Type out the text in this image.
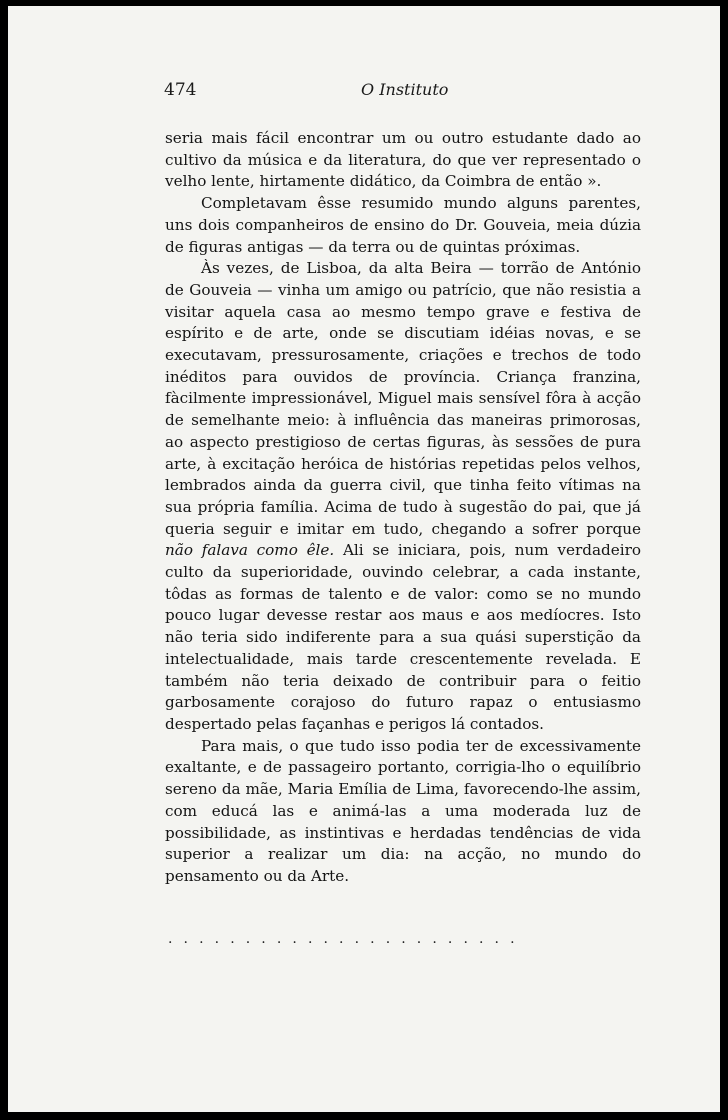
474	O Instituto

seria mais fácil encontrar um ou outro estudante dado ao cultivo da música e da literatura, do que ver representado o velho lente, hirtamente didático, da Coimbra de então ».

Completavam êsse resumido mundo alguns parentes, uns dois companheiros de ensino do Dr. Gouveia, meia dúzia de figuras antigas — da terra ou de quintas próximas.

Às vezes, de Lisboa, da alta Beira — torrão de António de Gouveia — vinha um amigo ou patrício, que não resistia a visitar aquela casa ao mesmo tempo grave e festiva de espírito e de arte, onde se discutiam idéias novas, e se executavam, pressurosamente, criações e trechos de todo inéditos para ouvidos de província. Criança franzina, fàcilmente impressionável, Miguel mais sensível fôra à acção de semelhante meio: à influência das maneiras primorosas, ao aspecto prestigioso de certas figuras, às sessões de pura arte, à excitação heróica de histórias repetidas pelos velhos, lembrados ainda da guerra civil, que tinha feito vítimas na sua própria família. Acima de tudo à sugestão do pai, que já queria seguir e imitar em tudo, chegando a sofrer porque não falava como êle. Ali se iniciara, pois, num verdadeiro culto da superioridade, ouvindo celebrar, a cada instante, tôdas as formas de talento e de valor: como se no mundo pouco lugar devesse restar aos maus e aos medíocres. Isto não teria sido indiferente para a sua quási superstição da intelectualidade, mais tarde crescentemente revelada. E também não teria deixado de contribuir para o feitio garbosamente corajoso do futuro rapaz o entusiasmo despertado pelas façanhas e perigos lá contados.

Para mais, o que tudo isso podia ter de excessivamente exaltante, e de passageiro portanto, corrigia-lho o equilíbrio sereno da mãe, Maria Emília de Lima, favorecendo-lhe assim, com educá las e animá-las a uma moderada luz de possibilidade, as instintivas e herdadas tendências de vida superior a realizar um dia: na acção, no mundo do pensamento ou da Arte.

.......................
